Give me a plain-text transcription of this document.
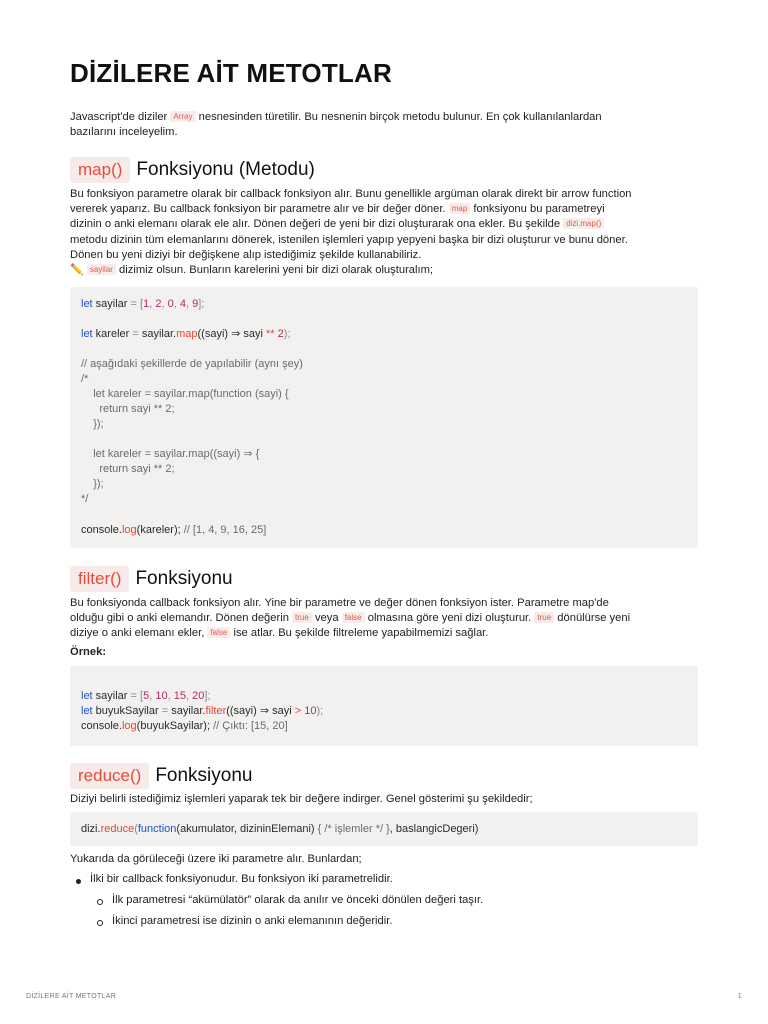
DİZİLERE AİT METOTLAR

Javascript'de diziler Array nesnesinden türetilir. Bu nesnenin birçok metodu bulunur. En çok kullanılanlardan
bazılarını inceleyelim.

map() Fonksiyonu (Metodu)

Bu fonksiyon parametre olarak bir callback fonksiyon alır. Bunu genellikle argüman olarak direkt bir arrow function
vererek yaparız. Bu callback fonksiyon bir parametre alır ve bir değer döner. map fonksiyonu bu parametreyi
dizinin o anki elemanı olarak ele alır. Dönen değeri de yeni bir dizi oluşturarak ona ekler. Bu şekilde dizi.map()
metodu dizinin tüm elemanlarını dönerek, istenilen işlemleri yapıp yepyeni başka bir dizi oluşturur ve bunu döner.
Dönen bu yeni diziyi bir değişkene alıp istediğimiz şekilde kullanabiliriz.
✏️ sayilar dizimiz olsun. Bunların karelerini yeni bir dizi olarak oluşturalım;

let sayilar = [1, 2, 0, 4, 9];
let kareler = sayilar.map((sayi) ⇒ sayi ** 2);
// aşağıdaki şekillerde de yapılabilir (aynı şey)
/*
let kareler = sayilar.map(function (sayi) {
return sayi ** 2;
});
let kareler = sayilar.map((sayi) ⇒ {
return sayi ** 2;
});
*/
console.log(kareler); // [1, 4, 9, 16, 25]
filter() Fonksiyonu

Bu fonksiyonda callback fonksiyon alır. Yine bir parametre ve değer dönen fonksiyon ister. Parametre map'de
olduğu gibi o anki elemandır. Dönen değerin true veya false olmasına göre yeni dizi oluşturur. true dönülürse yeni
diziye o anki elemanı ekler, false ise atlar. Bu şekilde filtreleme yapabilmemizi sağlar.

Örnek:

let sayilar = [5, 10, 15, 20];
let buyukSayilar = sayilar.filter((sayi) ⇒ sayi > 10);
console.log(buyukSayilar); // Çıktı: [15, 20]
reduce() Fonksiyonu

Diziyi belirli istediğimiz işlemleri yaparak tek bir değere indirger. Genel gösterimi şu şekildedir;

dizi.reduce(function(akumulator, dizininElemani) { /* işlemler */ }, baslangicDegeri)

Yukarıda da görüleceği üzere iki parametre alır. Bunlardan;

İlki bir callback fonksiyonudur. Bu fonksiyon iki parametrelidir.
İlk parametresi “akümülatör” olarak da anılır ve önceki dönülen değeri taşır.
İkinci parametresi ise dizinin o anki elemanının değeridir.
DİZİLERE AİT METOTLAR	1
